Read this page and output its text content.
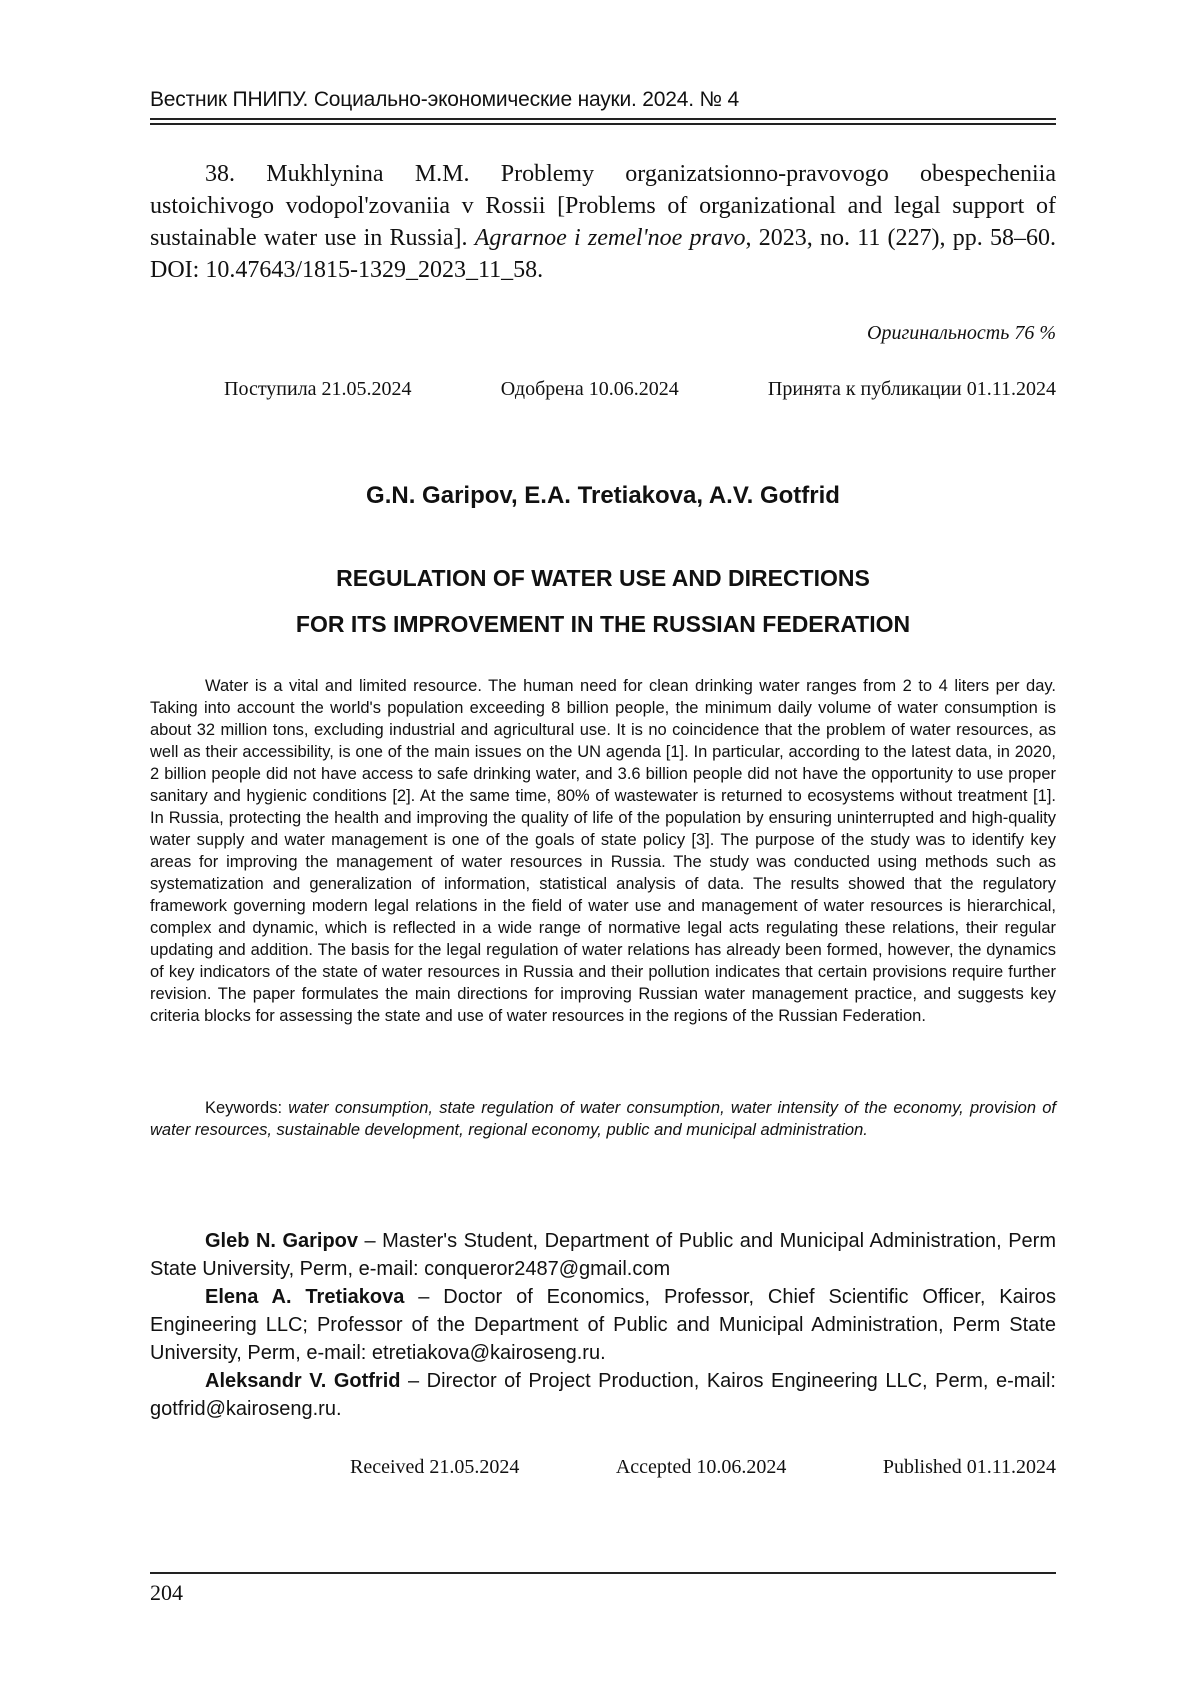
Вестник ПНИПУ. Социально-экономические науки. 2024. № 4
38. Mukhlynina M.M. Problemy organizatsionno-pravovogo obespecheniia ustoichivogo vodopol'zovaniia v Rossii [Problems of organizational and legal support of sustainable water use in Russia]. Agrarnoe i zemel'noe pravo, 2023, no. 11 (227), pp. 58–60. DOI: 10.47643/1815-1329_2023_11_58.
Оригинальность 76 %
Поступила 21.05.2024	Одобрена 10.06.2024	Принята к публикации 01.11.2024
G.N. Garipov, E.A. Tretiakova, A.V. Gotfrid
REGULATION OF WATER USE AND DIRECTIONS
FOR ITS IMPROVEMENT IN THE RUSSIAN FEDERATION
Water is a vital and limited resource. The human need for clean drinking water ranges from 2 to 4 liters per day. Taking into account the world's population exceeding 8 billion people, the minimum daily volume of water consumption is about 32 million tons, excluding industrial and agricultural use. It is no coincidence that the problem of water resources, as well as their accessibility, is one of the main issues on the UN agenda [1]. In particular, according to the latest data, in 2020, 2 billion people did not have access to safe drinking water, and 3.6 billion people did not have the opportunity to use proper sanitary and hygienic conditions [2]. At the same time, 80% of wastewater is returned to ecosystems without treatment [1]. In Russia, protecting the health and improving the quality of life of the population by ensuring uninterrupted and high-quality water supply and water management is one of the goals of state policy [3]. The purpose of the study was to identify key areas for improving the management of water resources in Russia. The study was conducted using methods such as systematization and generalization of information, statistical analysis of data. The results showed that the regulatory framework governing modern legal relations in the field of water use and management of water resources is hierarchical, complex and dynamic, which is reflected in a wide range of normative legal acts regulating these relations, their regular updating and addition. The basis for the legal regulation of water relations has already been formed, however, the dynamics of key indicators of the state of water resources in Russia and their pollution indicates that certain provisions require further revision. The paper formulates the main directions for improving Russian water management practice, and suggests key criteria blocks for assessing the state and use of water resources in the regions of the Russian Federation.
Keywords: water consumption, state regulation of water consumption, water intensity of the economy, provision of water resources, sustainable development, regional economy, public and municipal administration.

Gleb N. Garipov – Master's Student, Department of Public and Municipal Administration, Perm State University, Perm, e-mail: conqueror2487@gmail.com

Elena A. Tretiakova – Doctor of Economics, Professor, Chief Scientific Officer, Kairos Engineering LLC; Professor of the Department of Public and Municipal Administration, Perm State University, Perm, e-mail: etretiakova@kairoseng.ru.

Aleksandr V. Gotfrid – Director of Project Production, Kairos Engineering LLC, Perm, e-mail: gotfrid@kairoseng.ru.

Received 21.05.2024	Accepted 10.06.2024	Published 01.11.2024
204
